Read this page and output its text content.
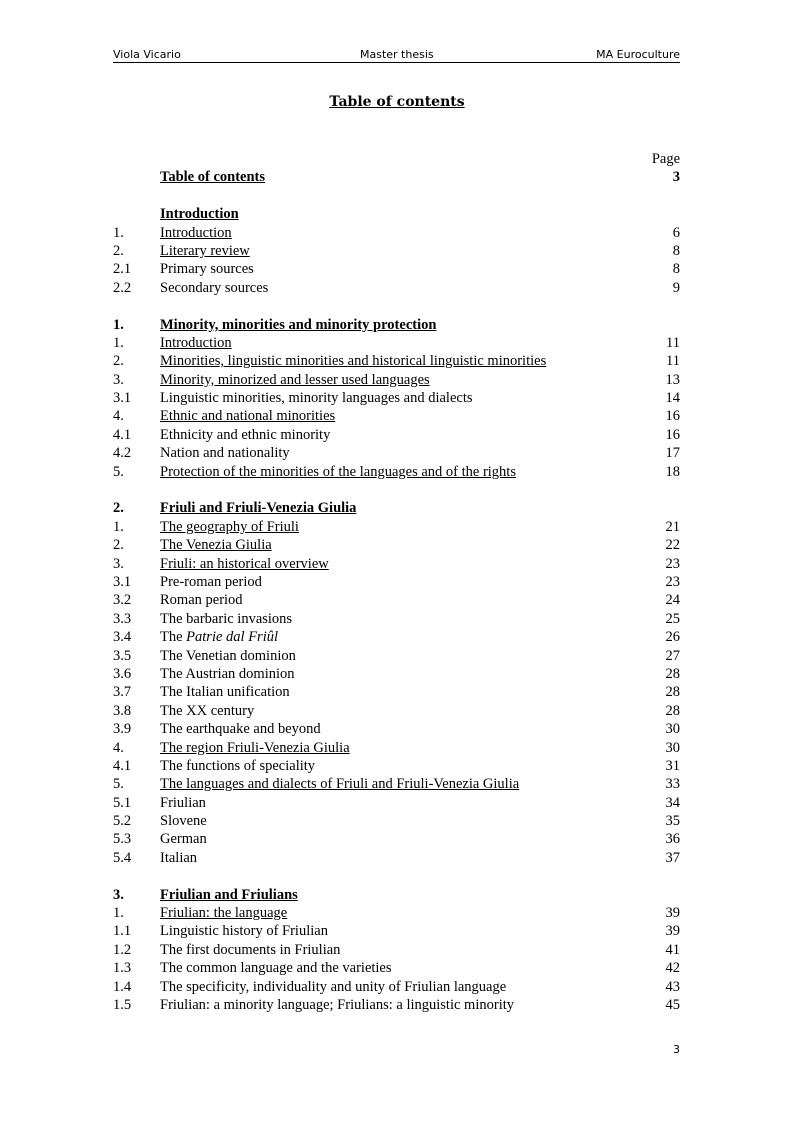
Viola Vicario	Master thesis	MA Euroculture
Table of contents
Page
Table of contents	3
Introduction
1. Introduction	6
2. Literary review	8
2.1 Primary sources	8
2.2 Secondary sources	9
1. Minority, minorities and minority protection
1. Introduction	11
2. Minorities, linguistic minorities and historical linguistic minorities	11
3. Minority, minorized and lesser used languages	13
3.1 Linguistic minorities, minority languages and dialects	14
4. Ethnic and national minorities	16
4.1 Ethnicity and ethnic minority	16
4.2 Nation and nationality	17
5. Protection of the minorities of the languages and of the rights	18
2. Friuli and Friuli-Venezia Giulia
1. The geography of Friuli	21
2. The Venezia Giulia	22
3. Friuli: an historical overview	23
3.1 Pre-roman period	23
3.2 Roman period	24
3.3 The barbaric invasions	25
3.4 The Patrie dal Friûl	26
3.5 The Venetian dominion	27
3.6 The Austrian dominion	28
3.7 The Italian unification	28
3.8 The XX century	28
3.9 The earthquake and beyond	30
4. The region Friuli-Venezia Giulia	30
4.1 The functions of speciality	31
5. The languages and dialects of Friuli and Friuli-Venezia Giulia	33
5.1 Friulian	34
5.2 Slovene	35
5.3 German	36
5.4 Italian	37
3. Friulian and Friulians
1. Friulian: the language	39
1.1 Linguistic history of Friulian	39
1.2 The first documents in Friulian	41
1.3 The common language and the varieties	42
1.4 The specificity, individuality and unity of Friulian language	43
1.5 Friulian: a minority language; Friulians: a linguistic minority	45
3
